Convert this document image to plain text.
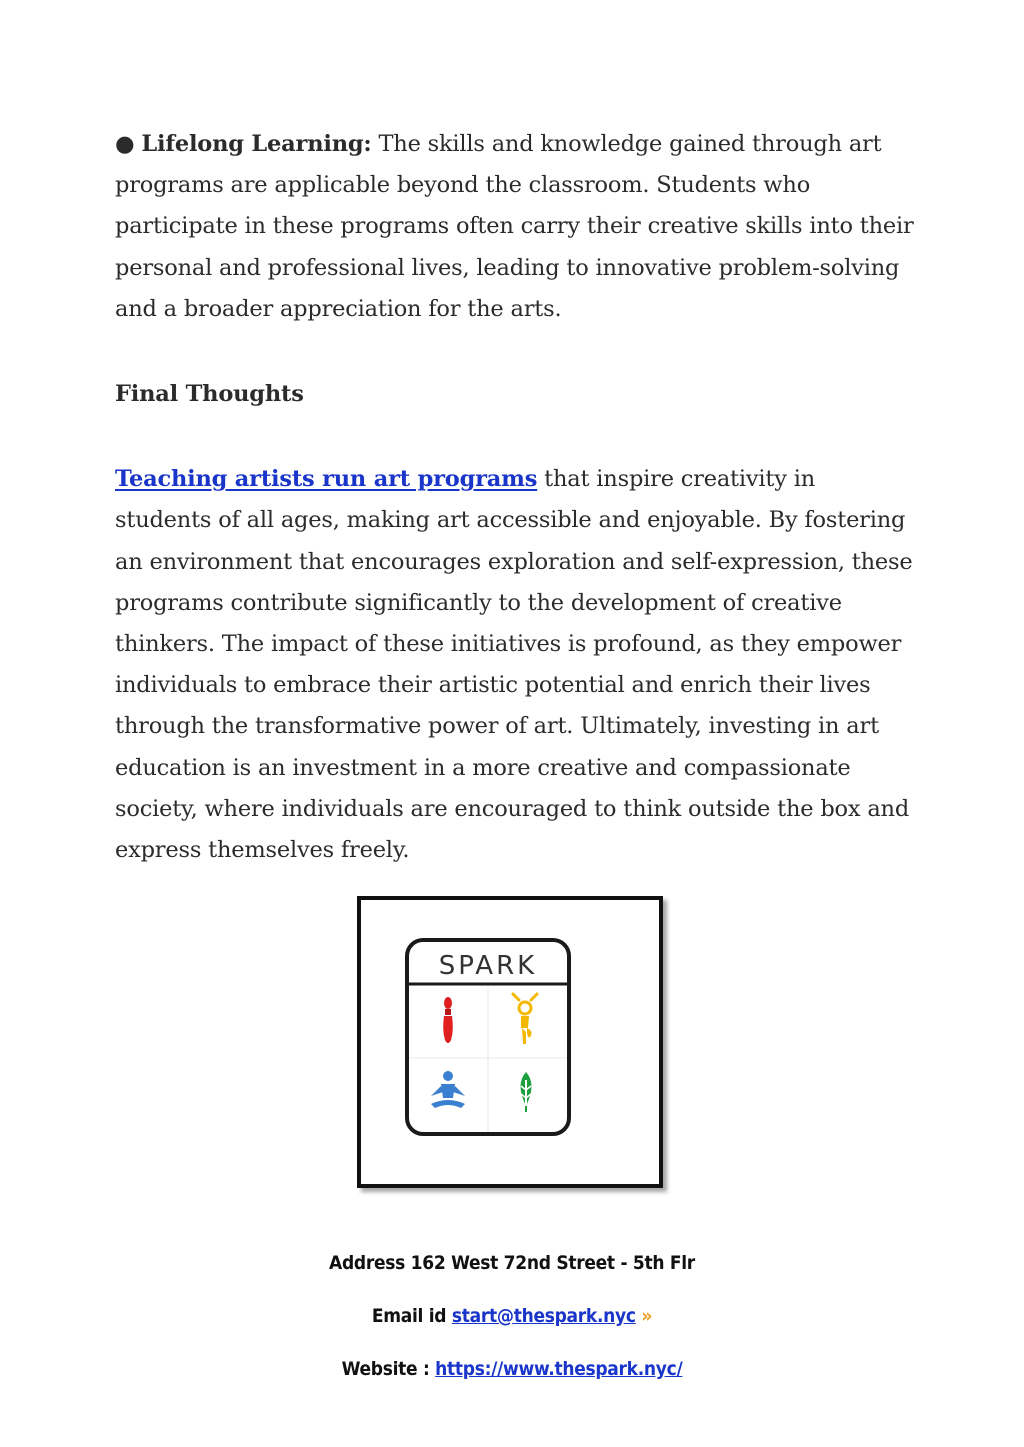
● Lifelong Learning: The skills and knowledge gained through art programs are applicable beyond the classroom. Students who participate in these programs often carry their creative skills into their personal and professional lives, leading to innovative problem-solving and a broader appreciation for the arts.

Final Thoughts

Teaching artists run art programs that inspire creativity in students of all ages, making art accessible and enjoyable. By fostering an environment that encourages exploration and self-expression, these programs contribute significantly to the development of creative thinkers. The impact of these initiatives is profound, as they empower individuals to embrace their artistic potential and enrich their lives through the transformative power of art. Ultimately, investing in art education is an investment in a more creative and compassionate society, where individuals are encouraged to think outside the box and express themselves freely.

SPARK
Address 162 West 72nd Street - 5th Flr
Email id start@thespark.nyc »
Website : https://www.thespark.nyc/
